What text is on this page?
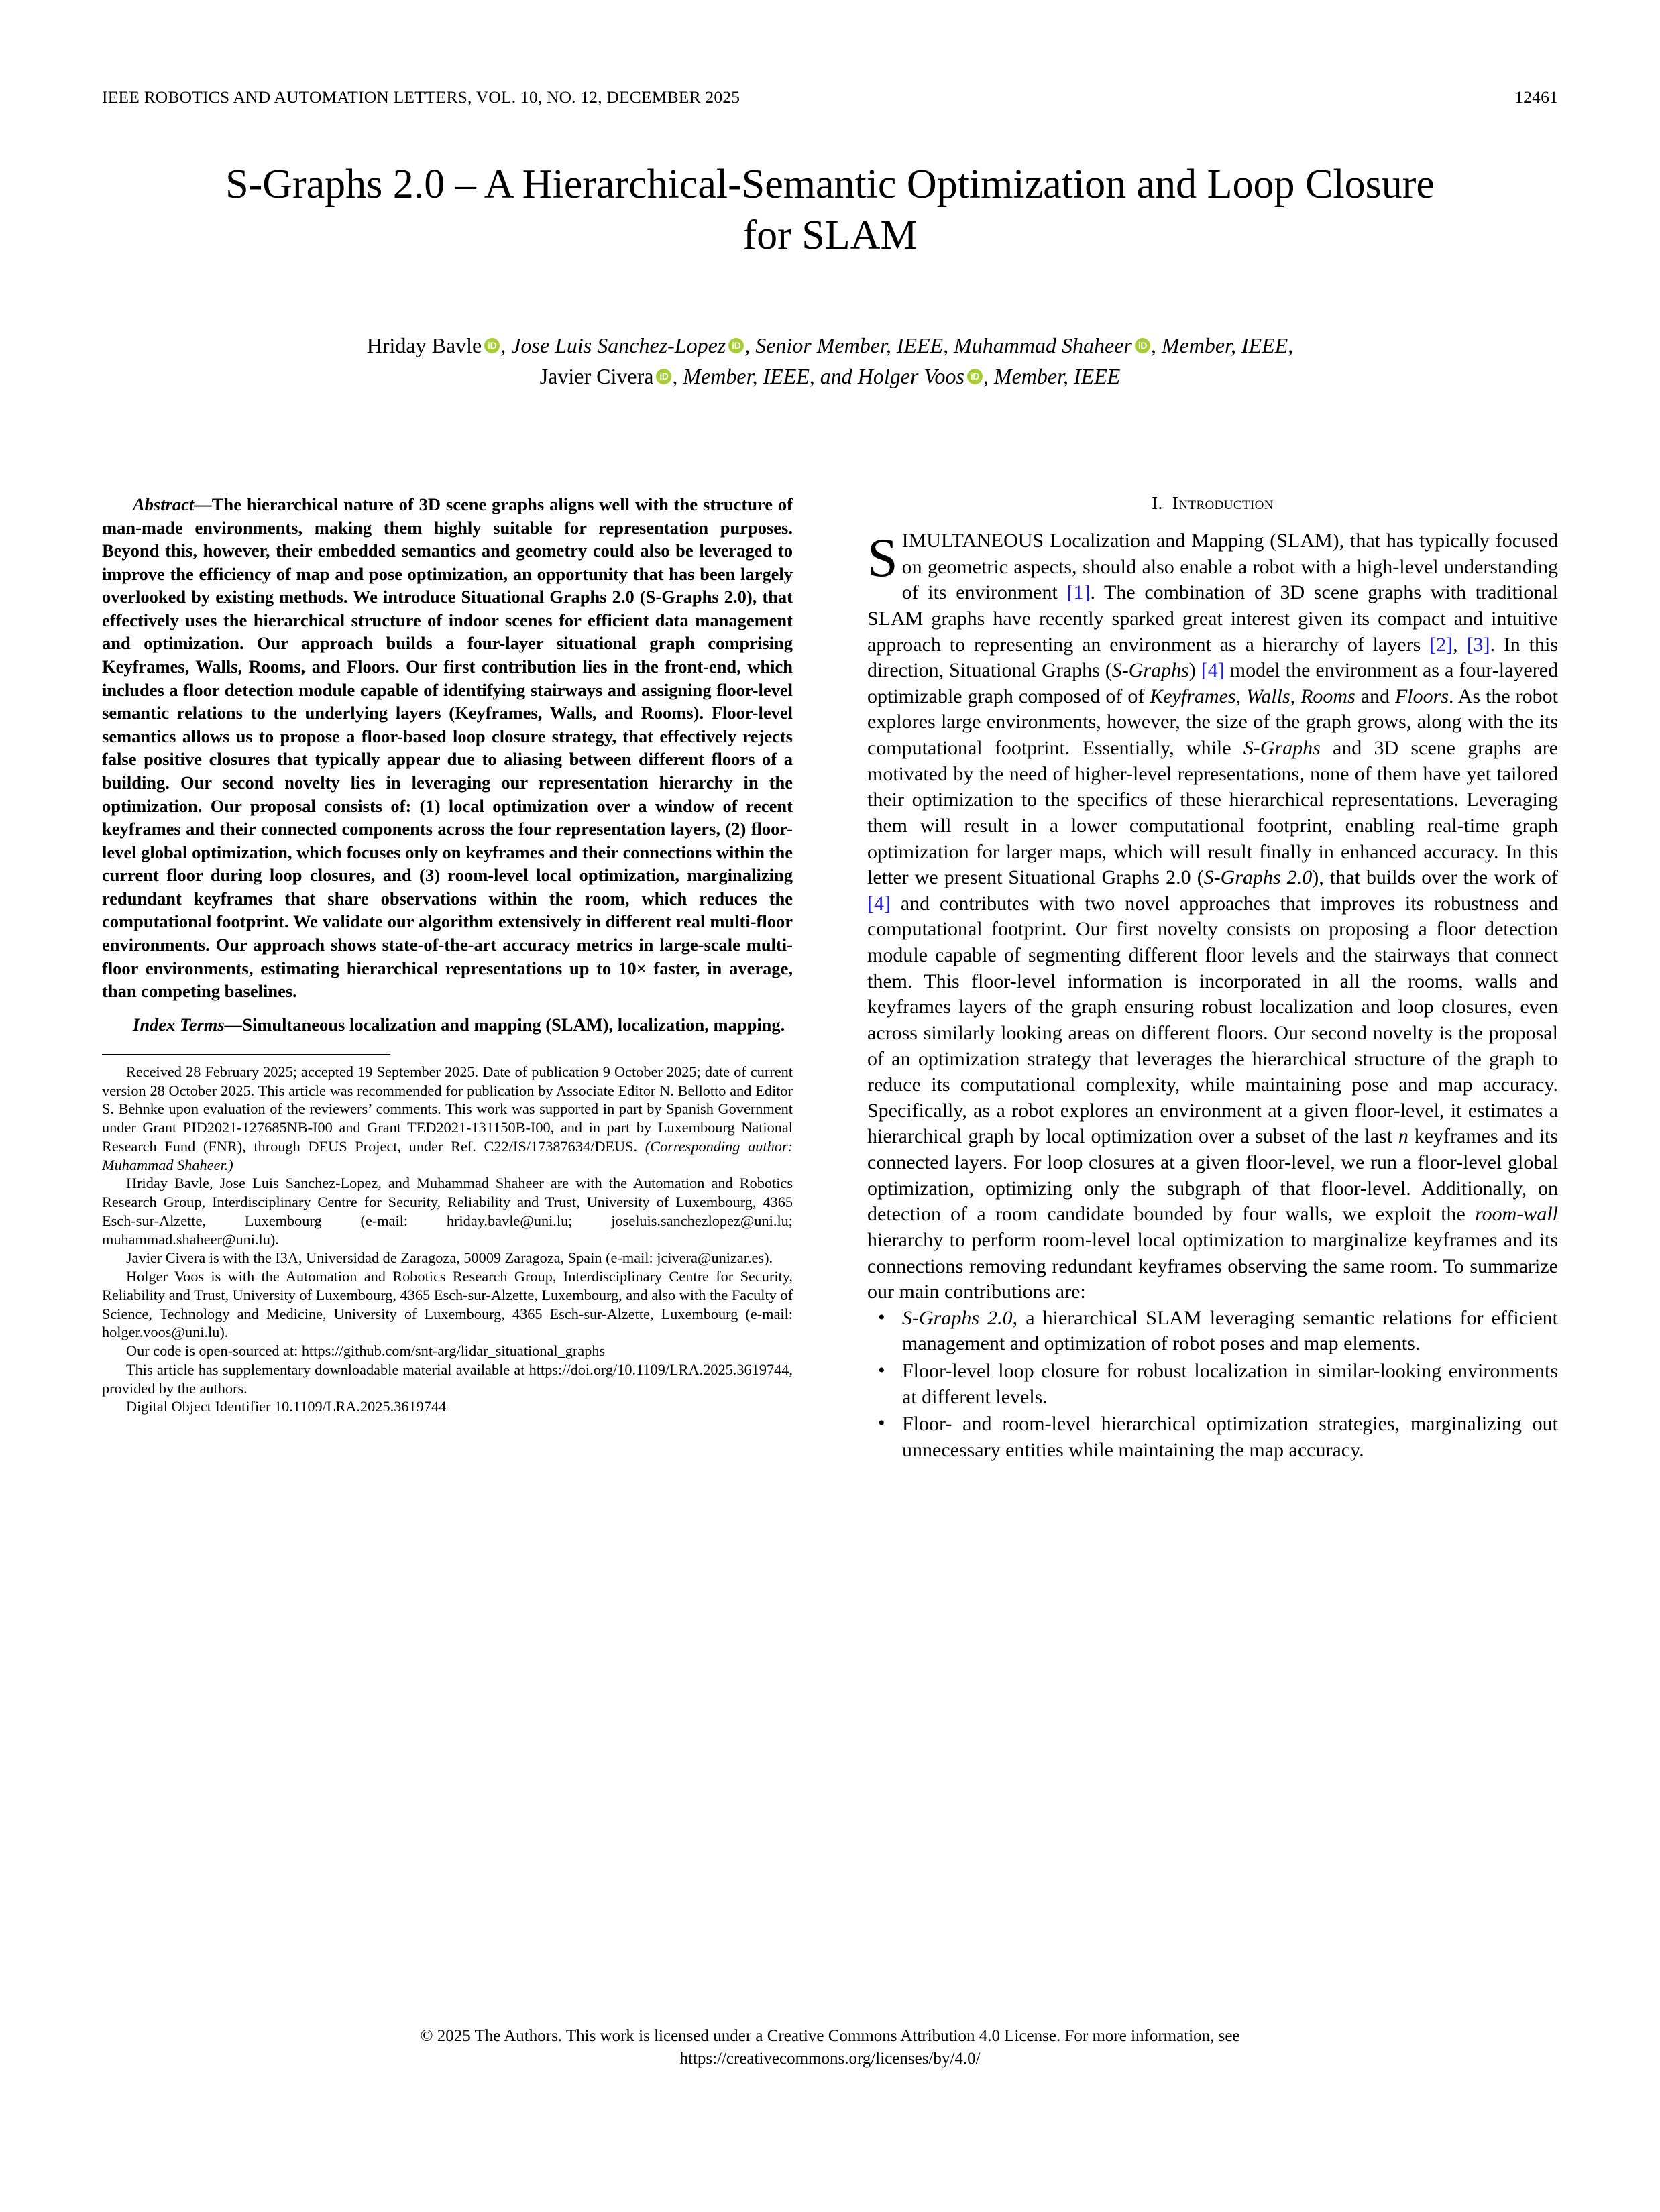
IEEE ROBOTICS AND AUTOMATION LETTERS, VOL. 10, NO. 12, DECEMBER 2025	12461
S-Graphs 2.0 – A Hierarchical-Semantic Optimization and Loop Closure for SLAM
Hriday Bavle iD , Jose Luis Sanchez-Lopez iD , Senior Member, IEEE, Muhammad Shaheer iD , Member, IEEE,
Javier Civera iD , Member, IEEE, and Holger Voos iD , Member, IEEE

Abstract—The hierarchical nature of 3D scene graphs aligns well with the structure of man-made environments, making them highly suitable for representation purposes. Beyond this, however, their embedded semantics and geometry could also be leveraged to improve the efficiency of map and pose optimization, an opportunity that has been largely overlooked by existing methods. We introduce Situational Graphs 2.0 (S-Graphs 2.0), that effectively uses the hierarchical structure of indoor scenes for efficient data management and optimization. Our approach builds a four-layer situational graph comprising Keyframes, Walls, Rooms, and Floors. Our first contribution lies in the front-end, which includes a floor detection module capable of identifying stairways and assigning floor-level semantic relations to the underlying layers (Keyframes, Walls, and Rooms). Floor-level semantics allows us to propose a floor-based loop closure strategy, that effectively rejects false positive closures that typically appear due to aliasing between different floors of a building. Our second novelty lies in leveraging our representation hierarchy in the optimization. Our proposal consists of: (1) local optimization over a window of recent keyframes and their connected components across the four representation layers, (2) floor-level global optimization, which focuses only on keyframes and their connections within the current floor during loop closures, and (3) room-level local optimization, marginalizing redundant keyframes that share observations within the room, which reduces the computational footprint. We validate our algorithm extensively in different real multi-floor environments. Our approach shows state-of-the-art accuracy metrics in large-scale multi-floor environments, estimating hierarchical representations up to 10× faster, in average, than competing baselines.

Index Terms—Simultaneous localization and mapping (SLAM), localization, mapping.

Received 28 February 2025; accepted 19 September 2025. Date of publication 9 October 2025; date of current version 28 October 2025. This article was recommended for publication by Associate Editor N. Bellotto and Editor S. Behnke upon evaluation of the reviewers’ comments. This work was supported in part by Spanish Government under Grant PID2021-127685NB-I00 and Grant TED2021-131150B-I00, and in part by Luxembourg National Research Fund (FNR), through DEUS Project, under Ref. C22/IS/17387634/DEUS. (Corresponding author: Muhammad Shaheer.)

Hriday Bavle, Jose Luis Sanchez-Lopez, and Muhammad Shaheer are with the Automation and Robotics Research Group, Interdisciplinary Centre for Security, Reliability and Trust, University of Luxembourg, 4365 Esch-sur-Alzette, Luxembourg (e-mail: hriday.bavle@uni.lu; joseluis.sanchezlopez@uni.lu; muhammad.shaheer@uni.lu).

Javier Civera is with the I3A, Universidad de Zaragoza, 50009 Zaragoza, Spain (e-mail: jcivera@unizar.es).

Holger Voos is with the Automation and Robotics Research Group, Interdisciplinary Centre for Security, Reliability and Trust, University of Luxembourg, 4365 Esch-sur-Alzette, Luxembourg, and also with the Faculty of Science, Technology and Medicine, University of Luxembourg, 4365 Esch-sur-Alzette, Luxembourg (e-mail: holger.voos@uni.lu).

Our code is open-sourced at: https://github.com/snt-arg/lidar_situational_graphs

This article has supplementary downloadable material available at https://doi.org/10.1109/LRA.2025.3619744, provided by the authors.

Digital Object Identifier 10.1109/LRA.2025.3619744

I. Introduction
S IMULTANEOUS Localization and Mapping (SLAM), that has typically focused on geometric aspects, should also enable a robot with a high-level understanding of its environment [1]. The combination of 3D scene graphs with traditional SLAM graphs have recently sparked great interest given its compact and intuitive approach to representing an environment as a hierarchy of layers [2], [3]. In this direction, Situational Graphs (S-Graphs) [4] model the environment as a four-layered optimizable graph composed of of Keyframes, Walls, Rooms and Floors. As the robot explores large environments, however, the size of the graph grows, along with the its computational footprint. Essentially, while S-Graphs and 3D scene graphs are motivated by the need of higher-level representations, none of them have yet tailored their optimization to the specifics of these hierarchical representations. Leveraging them will result in a lower computational footprint, enabling real-time graph optimization for larger maps, which will result finally in enhanced accuracy. In this letter we present Situational Graphs 2.0 (S-Graphs 2.0), that builds over the work of [4] and contributes with two novel approaches that improves its robustness and computational footprint. Our first novelty consists on proposing a floor detection module capable of segmenting different floor levels and the stairways that connect them. This floor-level information is incorporated in all the rooms, walls and keyframes layers of the graph ensuring robust localization and loop closures, even across similarly looking areas on different floors. Our second novelty is the proposal of an optimization strategy that leverages the hierarchical structure of the graph to reduce its computational complexity, while maintaining pose and map accuracy. Specifically, as a robot explores an environment at a given floor-level, it estimates a hierarchical graph by local optimization over a subset of the last n keyframes and its connected layers. For loop closures at a given floor-level, we run a floor-level global optimization, optimizing only the subgraph of that floor-level. Additionally, on detection of a room candidate bounded by four walls, we exploit the room-wall hierarchy to perform room-level local optimization to marginalize keyframes and its connections removing redundant keyframes observing the same room. To summarize our main contributions are:

• S-Graphs 2.0, a hierarchical SLAM leveraging semantic relations for efficient management and optimization of robot poses and map elements.
• Floor-level loop closure for robust localization in similar-looking environments at different levels.
• Floor- and room-level hierarchical optimization strategies, marginalizing out unnecessary entities while maintaining the map accuracy.
© 2025 The Authors. This work is licensed under a Creative Commons Attribution 4.0 License. For more information, see
https://creativecommons.org/licenses/by/4.0/
